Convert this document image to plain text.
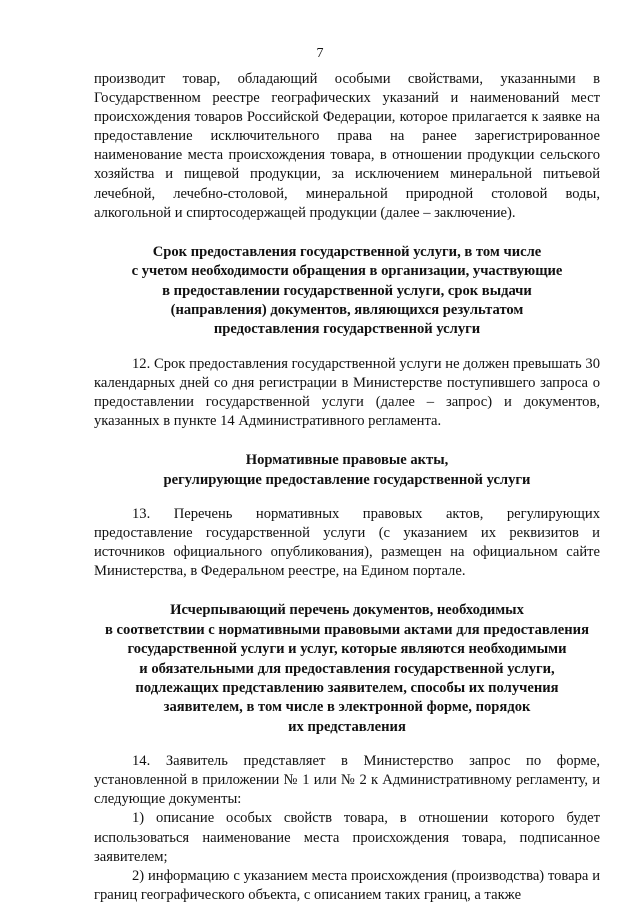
7

производит товар, обладающий особыми свойствами, указанными в Государственном реестре географических указаний и наименований мест происхождения товаров Российской Федерации, которое прилагается к заявке на предоставление исключительного права на ранее зарегистрированное наименование места происхождения товара, в отношении продукции сельского хозяйства и пищевой продукции, за исключением минеральной питьевой лечебной, лечебно-столовой, минеральной природной столовой воды, алкогольной и спиртосодержащей продукции (далее – заключение).

Срок предоставления государственной услуги, в том числе
с учетом необходимости обращения в организации, участвующие
в предоставлении государственной услуги, срок выдачи
(направления) документов, являющихся результатом
предоставления государственной услуги

12. Срок предоставления государственной услуги не должен превышать 30 календарных дней со дня регистрации в Министерстве поступившего запроса о предоставлении государственной услуги (далее – запрос) и документов, указанных в пункте 14 Административного регламента.

Нормативные правовые акты,
регулирующие предоставление государственной услуги

13. Перечень нормативных правовых актов, регулирующих предоставление государственной услуги (с указанием их реквизитов и источников официального опубликования), размещен на официальном сайте Министерства, в Федеральном реестре, на Едином портале.

Исчерпывающий перечень документов, необходимых
в соответствии с нормативными правовыми актами для предоставления
государственной услуги и услуг, которые являются необходимыми
и обязательными для предоставления государственной услуги,
подлежащих представлению заявителем, способы их получения
заявителем, в том числе в электронной форме, порядок
их представления

14. Заявитель представляет в Министерство запрос по форме, установленной в приложении № 1 или № 2 к Административному регламенту, и следующие документы:

1) описание особых свойств товара, в отношении которого будет использоваться наименование места происхождения товара, подписанное заявителем;

2) информацию с указанием места происхождения (производства) товара и границ географического объекта, с описанием таких границ, а также
